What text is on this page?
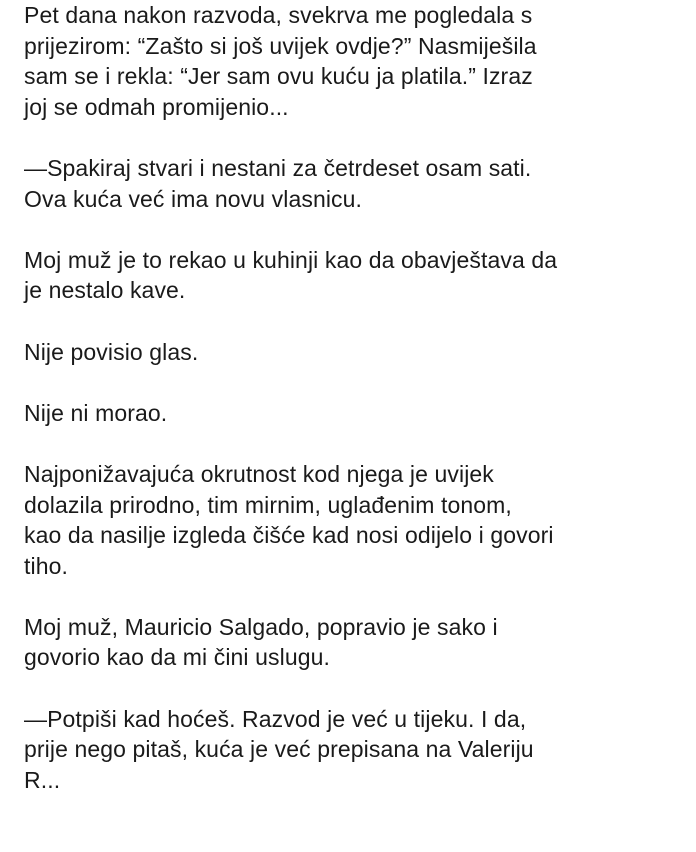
Pet dana nakon razvoda, svekrva me pogledala s
prijezirom: “Zašto si još uvijek ovdje?” Nasmiješila
sam se i rekla: “Jer sam ovu kuću ja platila.” Izraz
joj se odmah promijenio...
—Spakiraj stvari i nestani za četrdeset osam sati.
Ova kuća već ima novu vlasnicu.
Moj muž je to rekao u kuhinji kao da obavještava da
je nestalo kave.
Nije povisio glas.
Nije ni morao.
Najponižavajuća okrutnost kod njega je uvijek
dolazila prirodno, tim mirnim, uglađenim tonom,
kao da nasilje izgleda čišće kad nosi odijelo i govori
tiho.
Moj muž, Mauricio Salgado, popravio je sako i
govorio kao da mi čini uslugu.
—Potpiši kad hoćeš. Razvod je već u tijeku. I da,
prije nego pitaš, kuća je već prepisana na Valeriju
R...
